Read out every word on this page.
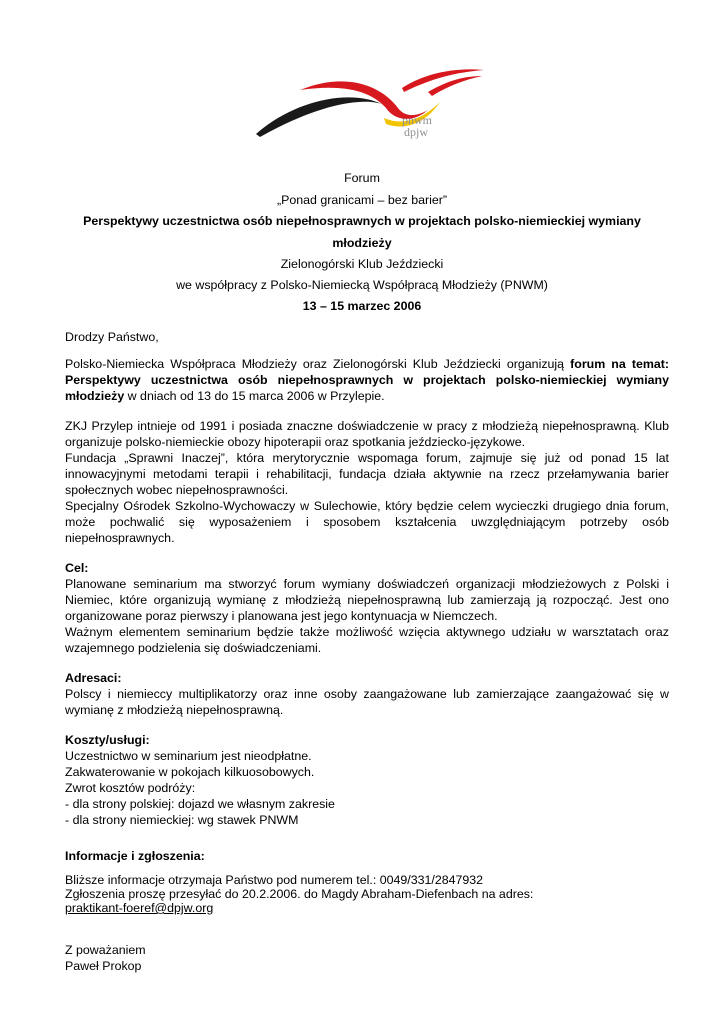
pnwm
dpjw
Forum
„Ponad granicami – bez barier”
Perspektywy uczestnictwa osób niepełnosprawnych w projektach polsko-niemieckiej wymiany
młodzieży
Zielonogórski Klub Jeździecki
we współpracy z Polsko-Niemiecką Współpracą Młodzieży (PNWM)
13 – 15 marzec 2006
Drodzy Państwo,
Polsko-Niemiecka Współpraca Młodzieży oraz Zielonogórski Klub Jeździecki organizują forum na temat: Perspektywy uczestnictwa osób niepełnosprawnych w projektach polsko-niemieckiej wymiany młodzieży w dniach od 13 do 15 marca 2006 w Przylepie.

ZKJ Przylep intnieje od 1991 i posiada znaczne doświadczenie w pracy z młodzieżą niepełnosprawną. Klub organizuje polsko-niemieckie obozy hipoterapii oraz spotkania jeździecko-językowe.

Fundacja „Sprawni Inaczej”, która merytorycznie wspomaga forum, zajmuje się już od ponad 15 lat innowacyjnymi metodami terapii i rehabilitacji, fundacja działa aktywnie na rzecz przełamywania barier społecznych wobec niepełnosprawności.

Specjalny Ośrodek Szkolno-Wychowaczy w Sulechowie, który będzie celem wycieczki drugiego dnia forum, może pochwalić się wyposażeniem i sposobem kształcenia uwzględniającym potrzeby osób niepełnosprawnych.

Cel:

Planowane seminarium ma stworzyć forum wymiany doświadczeń organizacji młodzieżowych z Polski i Niemiec, które organizują wymianę z młodzieżą niepełnosprawną lub zamierzają ją rozpocząć. Jest ono organizowane poraz pierwszy i planowana jest jego kontynuacja w Niemczech.

Ważnym elementem seminarium będzie także możliwość wzięcia aktywnego udziału w warsztatach oraz wzajemnego podzielenia się doświadczeniami.

Adresaci:

Polscy i niemieccy multiplikatorzy oraz inne osoby zaangażowane lub zamierzające zaangażować się w wymianę z młodzieżą niepełnosprawną.

Koszty/usługi:

Uczestnictwo w seminarium jest nieodpłatne.

Zakwaterowanie w pokojach kilkuosobowych.

Zwrot kosztów podróży:

- dla strony polskiej: dojazd we własnym zakresie

- dla strony niemieckiej: wg stawek PNWM

Informacje i zgłoszenia:

Bliższe informacje otrzymaja Państwo pod numerem tel.: 0049/331/2847932

Zgłoszenia proszę przesyłać do 20.2.2006. do Magdy Abraham-Diefenbach na adres:

praktikant-foeref@dpjw.org

Z poważaniem

Paweł Prokop
